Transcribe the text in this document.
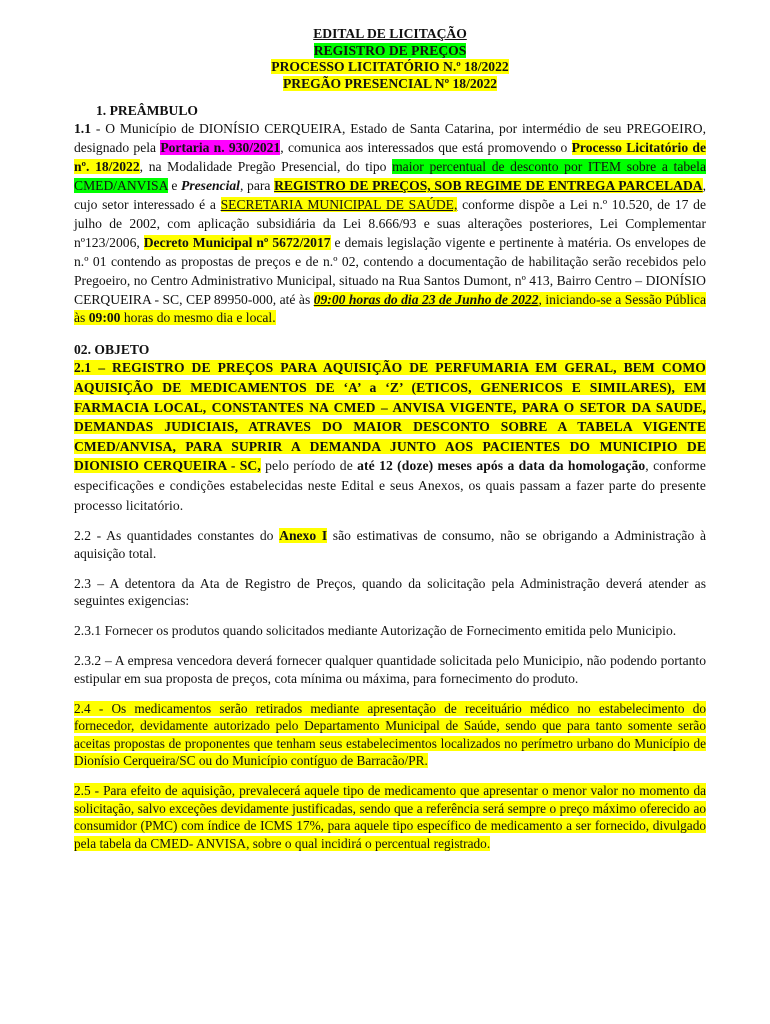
EDITAL DE LICITAÇÃO
REGISTRO DE PREÇOS
PROCESSO LICITATÓRIO N.º 18/2022
PREGÃO PRESENCIAL Nº 18/2022
1. PREÂMBULO

1.1 - O Município de DIONÍSIO CERQUEIRA, Estado de Santa Catarina, por intermédio de seu PREGOEIRO, designado pela Portaria n. 930/2021, comunica aos interessados que está promovendo o Processo Licitatório de nº. 18/2022, na Modalidade Pregão Presencial, do tipo maior percentual de desconto por ITEM sobre a tabela CMED/ANVISA e Presencial, para REGISTRO DE PREÇOS, SOB REGIME DE ENTREGA PARCELADA, cujo setor interessado é a SECRETARIA MUNICIPAL DE SAÚDE, conforme dispõe a Lei n.º 10.520, de 17 de julho de 2002, com aplicação subsidiária da Lei 8.666/93 e suas alterações posteriores, Lei Complementar nº123/2006, Decreto Municipal nº 5672/2017 e demais legislação vigente e pertinente à matéria. Os envelopes de n.º 01 contendo as propostas de preços e de n.º 02, contendo a documentação de habilitação serão recebidos pelo Pregoeiro, no Centro Administrativo Municipal, situado na Rua Santos Dumont, nº 413, Bairro Centro – DIONÍSIO CERQUEIRA - SC, CEP 89950-000, até às 09:00 horas do dia 23 de Junho de 2022, iniciando-se a Sessão Pública às 09:00 horas do mesmo dia e local.

02. OBJETO

2.1 – REGISTRO DE PREÇOS PARA AQUISIÇÃO DE PERFUMARIA EM GERAL, BEM COMO AQUISIÇÃO DE MEDICAMENTOS DE ‘A’ a ‘Z’ (ETICOS, GENERICOS E SIMILARES), EM FARMACIA LOCAL, CONSTANTES NA CMED – ANVISA VIGENTE, PARA O SETOR DA SAUDE, DEMANDAS JUDICIAIS, ATRAVES DO MAIOR DESCONTO SOBRE A TABELA VIGENTE CMED/ANVISA, PARA SUPRIR A DEMANDA JUNTO AOS PACIENTES DO MUNICIPIO DE DIONISIO CERQUEIRA - SC, pelo período de até 12 (doze) meses após a data da homologação, conforme especificações e condições estabelecidas neste Edital e seus Anexos, os quais passam a fazer parte do presente processo licitatório.

2.2 - As quantidades constantes do Anexo I são estimativas de consumo, não se obrigando a Administração à aquisição total.

2.3 – A detentora da Ata de Registro de Preços, quando da solicitação pela Administração deverá atender as seguintes exigencias:

2.3.1 Fornecer os produtos quando solicitados mediante Autorização de Fornecimento emitida pelo Municipio.

2.3.2 – A empresa vencedora deverá fornecer qualquer quantidade solicitada pelo Municipio, não podendo portanto estipular em sua proposta de preços, cota mínima ou máxima, para fornecimento do produto.

2.4 - Os medicamentos serão retirados mediante apresentação de receituário médico no estabelecimento do fornecedor, devidamente autorizado pelo Departamento Municipal de Saúde, sendo que para tanto somente serão aceitas propostas de proponentes que tenham seus estabelecimentos localizados no perímetro urbano do Município de Dionísio Cerqueira/SC ou do Município contíguo de Barracão/PR.

2.5 - Para efeito de aquisição, prevalecerá aquele tipo de medicamento que apresentar o menor valor no momento da solicitação, salvo exceções devidamente justificadas, sendo que a referência será sempre o preço máximo oferecido ao consumidor (PMC) com índice de ICMS 17%, para aquele tipo específico de medicamento a ser fornecido, divulgado pela tabela da CMED- ANVISA, sobre o qual incidirá o percentual registrado.
